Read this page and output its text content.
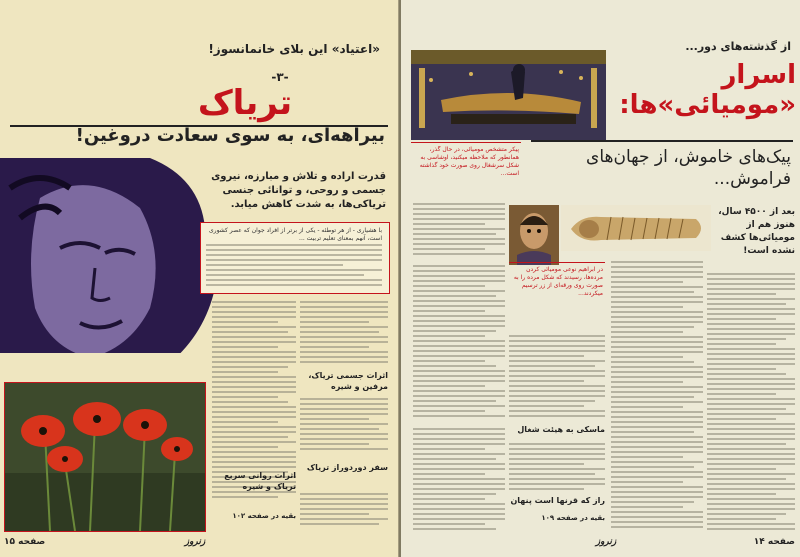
«اعتیاد» این بلای خانمانسوز!
-۳-
تریاک
بیراهه‌ای، به سوی سعادت دروغین!
قدرت اراده و تلاش و مبارزه، نیروی جسمی و روحی، و توانائی جنسی تریاکی‌ها، به شدت کاهش میابد.
با هشیاری - از هر توطئه - یکی از برتر از افراد جوان که عصر کشوری است، آنهم بمعنای تعلیم تربیت ...
اثرات جسمی تریاک، مرفین و شیره
اثرات روانی سریع تریاک و شیره
سفر دوردوراز تریاک
بقیه در صفحه ۱۰۲
صفحه ۱۵	زنروز
از گذشته‌های دور...
اسرار «مومیائی»ها:
پیک‌های خاموش، از جهان‌های فراموش...
پیکر متشخص مومیائی، در حال گذر، همانطور که ملاحظه میکنید، اوشاسی به شکل سرشغال روی صورت خود گذاشته است...
بعد از ۴۵۰۰ سال، هنوز هم از مومیائی‌ها کشف نشده است!
در ابراهیم نوعی مومیائی کردن مرده‌ها، رسیدند که شکل مرده را به صورت روی ورقه‌ای از زر ترسیم میکردند...
ماسکی به هیئت شغال
راز که قرنها است پنهان
بقیه در صفحه ۱۰۹
زنروز	صفحه ۱۴
